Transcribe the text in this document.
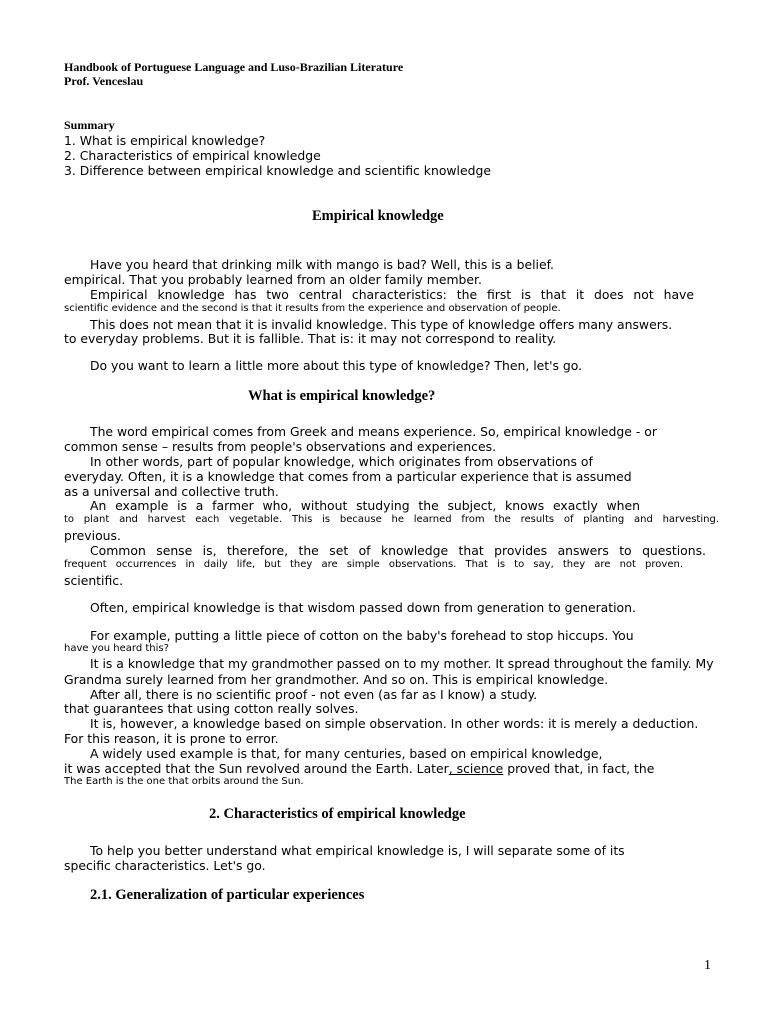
Handbook of Portuguese Language and Luso-Brazilian Literature
Prof. Venceslau
Summary
1. What is empirical knowledge?
2. Characteristics of empirical knowledge
3. Difference between empirical knowledge and scientific knowledge
Empirical knowledge
Have you heard that drinking milk with mango is bad? Well, this is a belief.
empirical. That you probably learned from an older family member.
Empirical knowledge has two central characteristics: the first is that it does not have
scientific evidence and the second is that it results from the experience and observation of people.
This does not mean that it is invalid knowledge. This type of knowledge offers many answers.
to everyday problems. But it is fallible. That is: it may not correspond to reality.
Do you want to learn a little more about this type of knowledge? Then, let's go.
What is empirical knowledge?
The word empirical comes from Greek and means experience. So, empirical knowledge - or
common sense – results from people's observations and experiences.
In other words, part of popular knowledge, which originates from observations of
everyday. Often, it is a knowledge that comes from a particular experience that is assumed
as a universal and collective truth.
An example is a farmer who, without studying the subject, knows exactly when
to plant and harvest each vegetable. This is because he learned from the results of planting and harvesting.
previous.
Common sense is, therefore, the set of knowledge that provides answers to questions.
frequent occurrences in daily life, but they are simple observations. That is to say, they are not proven.
scientific.
Often, empirical knowledge is that wisdom passed down from generation to generation.
For example, putting a little piece of cotton on the baby's forehead to stop hiccups. You
have you heard this?
It is a knowledge that my grandmother passed on to my mother. It spread throughout the family. My
Grandma surely learned from her grandmother. And so on. This is empirical knowledge.
After all, there is no scientific proof - not even (as far as I know) a study.
that guarantees that using cotton really solves.
It is, however, a knowledge based on simple observation. In other words: it is merely a deduction.
For this reason, it is prone to error.
A widely used example is that, for many centuries, based on empirical knowledge,
it was accepted that the Sun revolved around the Earth. Later, science proved that, in fact, the
The Earth is the one that orbits around the Sun.
2. Characteristics of empirical knowledge
To help you better understand what empirical knowledge is, I will separate some of its
specific characteristics. Let's go.
2.1. Generalization of particular experiences
1
